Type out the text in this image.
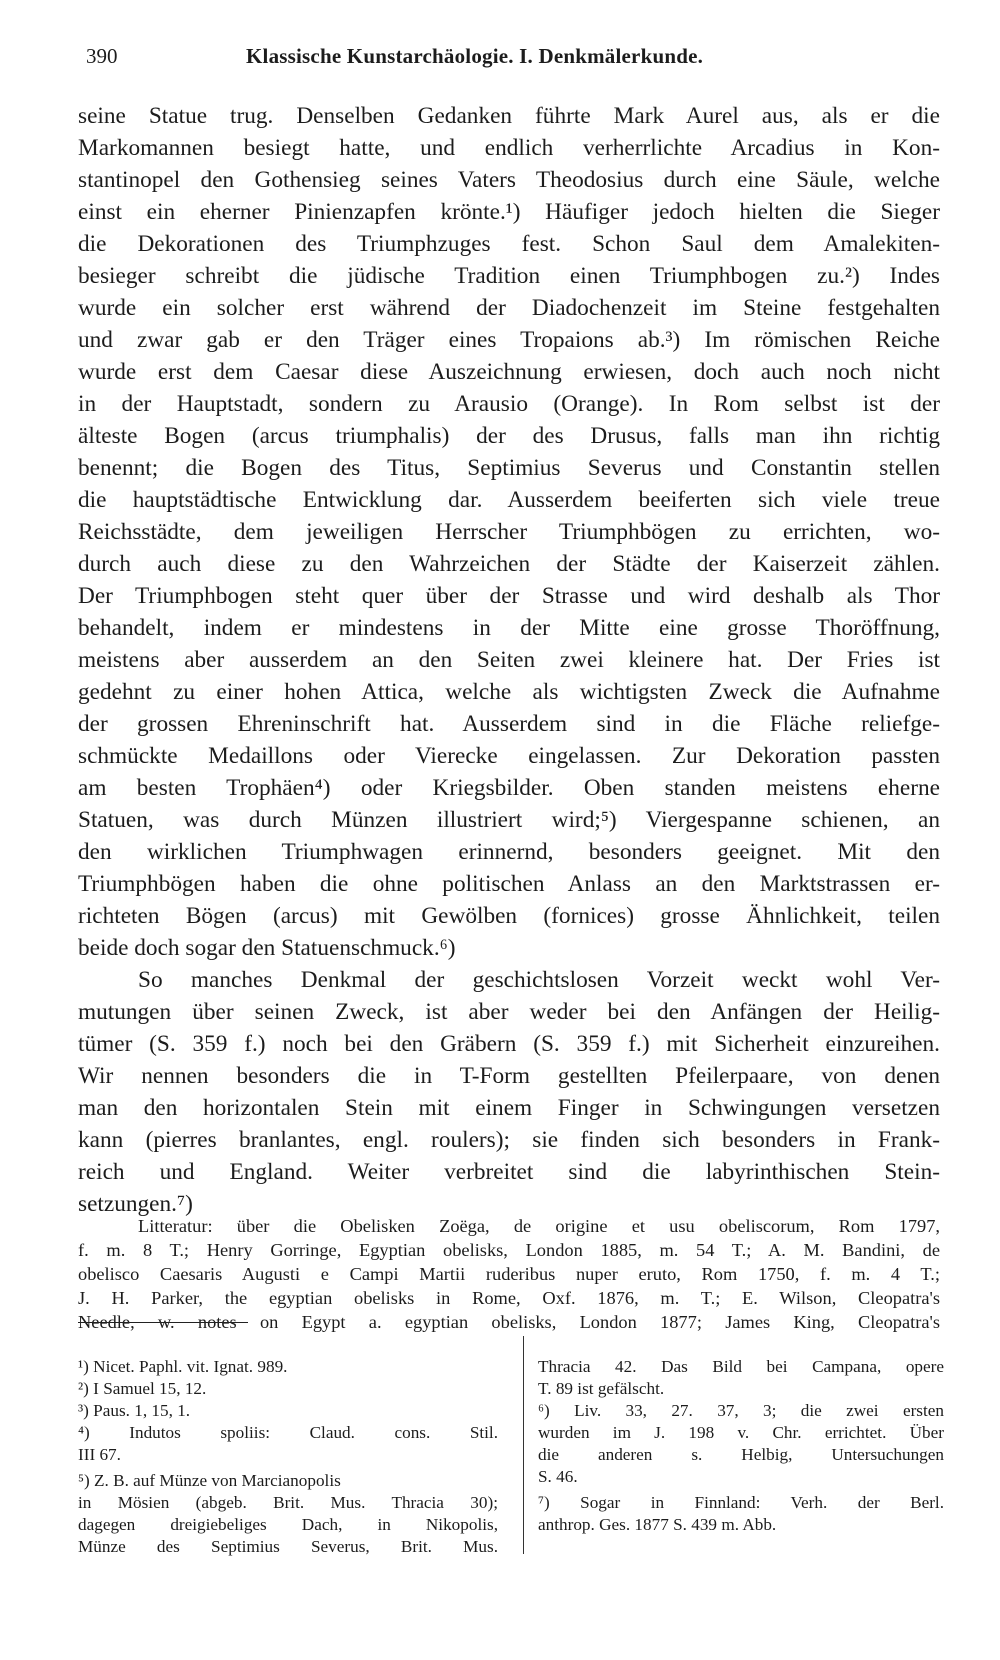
390	Klassische Kunstarchäologie. I. Denkmälerkunde.
seine Statue trug. Denselben Gedanken führte Mark Aurel aus, als er die
Markomannen besiegt hatte, und endlich verherrlichte Arcadius in Kon-
stantinopel den Gothensieg seines Vaters Theodosius durch eine Säule, welche
einst ein eherner Pinienzapfen krönte.¹) Häufiger jedoch hielten die Sieger
die Dekorationen des Triumphzuges fest. Schon Saul dem Amalekiten-
besieger schreibt die jüdische Tradition einen Triumphbogen zu.²) Indes
wurde ein solcher erst während der Diadochenzeit im Steine festgehalten
und zwar gab er den Träger eines Tropaions ab.³) Im römischen Reiche
wurde erst dem Caesar diese Auszeichnung erwiesen, doch auch noch nicht
in der Hauptstadt, sondern zu Arausio (Orange). In Rom selbst ist der
älteste Bogen (arcus triumphalis) der des Drusus, falls man ihn richtig
benennt; die Bogen des Titus, Septimius Severus und Constantin stellen
die hauptstädtische Entwicklung dar. Ausserdem beeiferten sich viele treue
Reichsstädte, dem jeweiligen Herrscher Triumphbögen zu errichten, wo-
durch auch diese zu den Wahrzeichen der Städte der Kaiserzeit zählen.
Der Triumphbogen steht quer über der Strasse und wird deshalb als Thor
behandelt, indem er mindestens in der Mitte eine grosse Thoröffnung,
meistens aber ausserdem an den Seiten zwei kleinere hat. Der Fries ist
gedehnt zu einer hohen Attica, welche als wichtigsten Zweck die Aufnahme
der grossen Ehreninschrift hat. Ausserdem sind in die Fläche reliefge-
schmückte Medaillons oder Vierecke eingelassen. Zur Dekoration passten
am besten Trophäen⁴) oder Kriegsbilder. Oben standen meistens eherne
Statuen, was durch Münzen illustriert wird;⁵) Viergespanne schienen, an
den wirklichen Triumphwagen erinnernd, besonders geeignet. Mit den
Triumphbögen haben die ohne politischen Anlass an den Marktstrassen er-
richteten Bögen (arcus) mit Gewölben (fornices) grosse Ähnlichkeit, teilen
beide doch sogar den Statuenschmuck.⁶)
So manches Denkmal der geschichtslosen Vorzeit weckt wohl Ver-
mutungen über seinen Zweck, ist aber weder bei den Anfängen der Heilig-
tümer (S. 359 f.) noch bei den Gräbern (S. 359 f.) mit Sicherheit einzureihen.
Wir nennen besonders die in T-Form gestellten Pfeilerpaare, von denen
man den horizontalen Stein mit einem Finger in Schwingungen versetzen
kann (pierres branlantes, engl. roulers); sie finden sich besonders in Frank-
reich und England. Weiter verbreitet sind die labyrinthischen Stein-
setzungen.⁷)
Litteratur: über die Obelisken Zoëga, de origine et usu obeliscorum, Rom 1797,
f. m. 8 T.; Henry Gorringe, Egyptian obelisks, London 1885, m. 54 T.; A. M. Bandini, de
obelisco Caesaris Augusti e Campi Martii ruderibus nuper eruto, Rom 1750, f. m. 4 T.;
J. H. Parker, the egyptian obelisks in Rome, Oxf. 1876, m. T.; E. Wilson, Cleopatra's
Needle, w. notes on Egypt a. egyptian obelisks, London 1877; James King, Cleopatra's
¹) Nicet. Paphl. vit. Ignat. 989.
²) I Samuel 15, 12.
³) Paus. 1, 15, 1.
⁴) Indutos spoliis: Claud. cons. Stil.
III 67.
⁵) Z. B. auf Münze von Marcianopolis
in Mösien (abgeb. Brit. Mus. Thracia 30);
dagegen dreigiebeliges Dach, in Nikopolis,
Münze des Septimius Severus, Brit. Mus.
Thracia 42. Das Bild bei Campana, opere
T. 89 ist gefälscht.
⁶) Liv. 33, 27. 37, 3; die zwei ersten
wurden im J. 198 v. Chr. errichtet. Über
die anderen s. Helbig, Untersuchungen
S. 46.
⁷) Sogar in Finnland: Verh. der Berl.
anthrop. Ges. 1877 S. 439 m. Abb.
